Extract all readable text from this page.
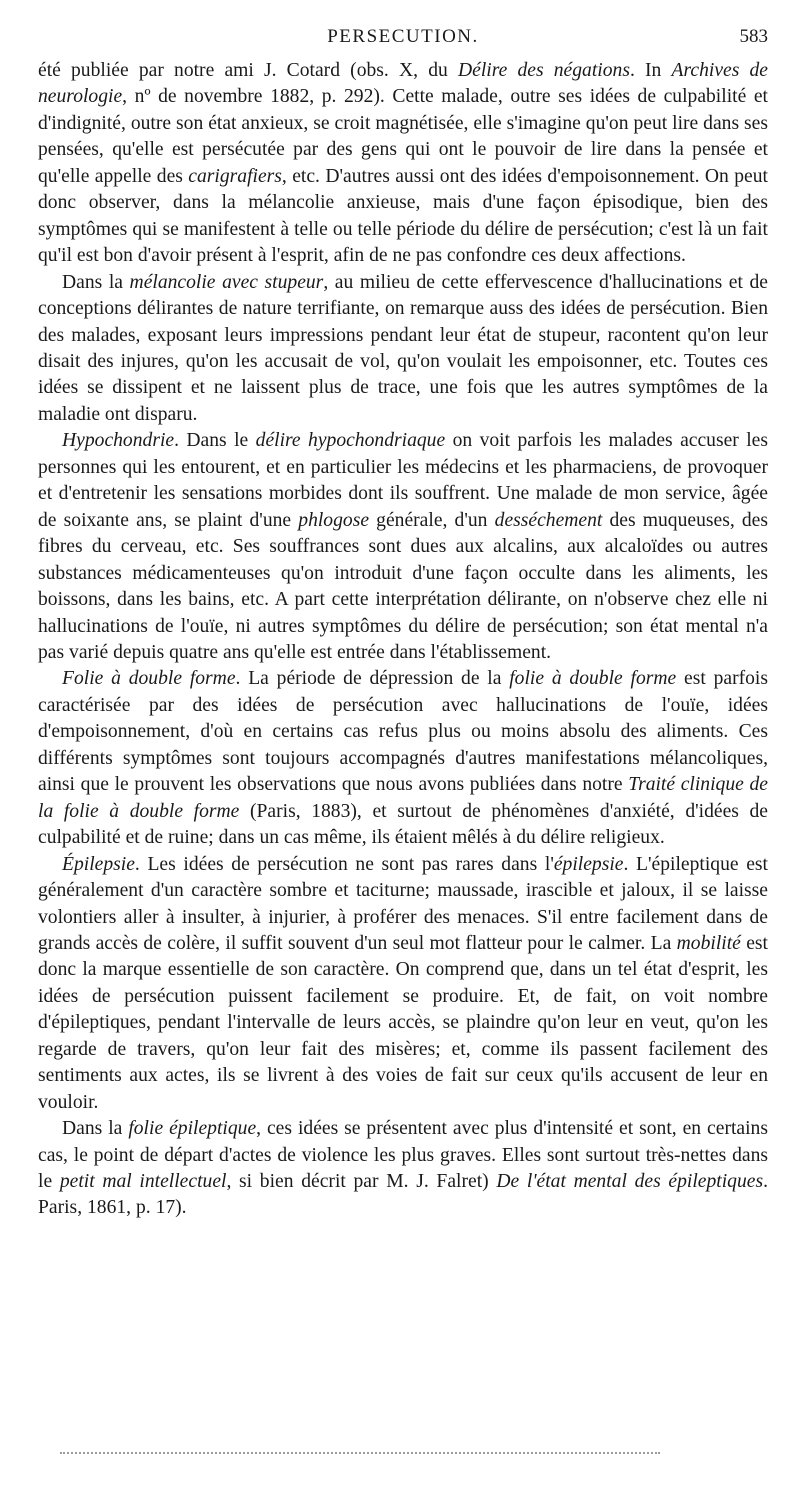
PERSECUTION.	583

été publiée par notre ami J. Cotard (obs. X, du Délire des négations. In Archives de neurologie, nº de novembre 1882, p. 292). Cette malade, outre ses idées de culpabilité et d'indignité, outre son état anxieux, se croit magnétisée, elle s'imagine qu'on peut lire dans ses pensées, qu'elle est persécutée par des gens qui ont le pouvoir de lire dans la pensée et qu'elle appelle des carigrafiers, etc. D'autres aussi ont des idées d'empoisonnement. On peut donc observer, dans la mélancolie anxieuse, mais d'une façon épisodique, bien des symptômes qui se manifestent à telle ou telle période du délire de persécution; c'est là un fait qu'il est bon d'avoir présent à l'esprit, afin de ne pas confondre ces deux affections.

Dans la mélancolie avec stupeur, au milieu de cette effervescence d'hallucinations et de conceptions délirantes de nature terrifiante, on remarque auss des idées de persécution. Bien des malades, exposant leurs impressions pendant leur état de stupeur, racontent qu'on leur disait des injures, qu'on les accusait de vol, qu'on voulait les empoisonner, etc. Toutes ces idées se dissipent et ne laissent plus de trace, une fois que les autres symptômes de la maladie ont disparu.

Hypochondrie. Dans le délire hypochondriaque on voit parfois les malades accuser les personnes qui les entourent, et en particulier les médecins et les pharmaciens, de provoquer et d'entretenir les sensations morbides dont ils souffrent. Une malade de mon service, âgée de soixante ans, se plaint d'une phlogose générale, d'un desséchement des muqueuses, des fibres du cerveau, etc. Ses souffrances sont dues aux alcalins, aux alcaloïdes ou autres substances médicamenteuses qu'on introduit d'une façon occulte dans les aliments, les boissons, dans les bains, etc. A part cette interprétation délirante, on n'observe chez elle ni hallucinations de l'ouïe, ni autres symptômes du délire de persécution; son état mental n'a pas varié depuis quatre ans qu'elle est entrée dans l'établissement.

Folie à double forme. La période de dépression de la folie à double forme est parfois caractérisée par des idées de persécution avec hallucinations de l'ouïe, idées d'empoisonnement, d'où en certains cas refus plus ou moins absolu des aliments. Ces différents symptômes sont toujours accompagnés d'autres manifestations mélancoliques, ainsi que le prouvent les observations que nous avons publiées dans notre Traité clinique de la folie à double forme (Paris, 1883), et surtout de phénomènes d'anxiété, d'idées de culpabilité et de ruine; dans un cas même, ils étaient mêlés à du délire religieux.

Épilepsie. Les idées de persécution ne sont pas rares dans l'épilepsie. L'épileptique est généralement d'un caractère sombre et taciturne; maussade, irascible et jaloux, il se laisse volontiers aller à insulter, à injurier, à proférer des menaces. S'il entre facilement dans de grands accès de colère, il suffit souvent d'un seul mot flatteur pour le calmer. La mobilité est donc la marque essentielle de son caractère. On comprend que, dans un tel état d'esprit, les idées de persécution puissent facilement se produire. Et, de fait, on voit nombre d'épileptiques, pendant l'intervalle de leurs accès, se plaindre qu'on leur en veut, qu'on les regarde de travers, qu'on leur fait des misères; et, comme ils passent facilement des sentiments aux actes, ils se livrent à des voies de fait sur ceux qu'ils accusent de leur en vouloir.

Dans la folie épileptique, ces idées se présentent avec plus d'intensité et sont, en certains cas, le point de départ d'actes de violence les plus graves. Elles sont surtout très-nettes dans le petit mal intellectuel, si bien décrit par M. J. Falret) De l'état mental des épileptiques. Paris, 1861, p. 17).
